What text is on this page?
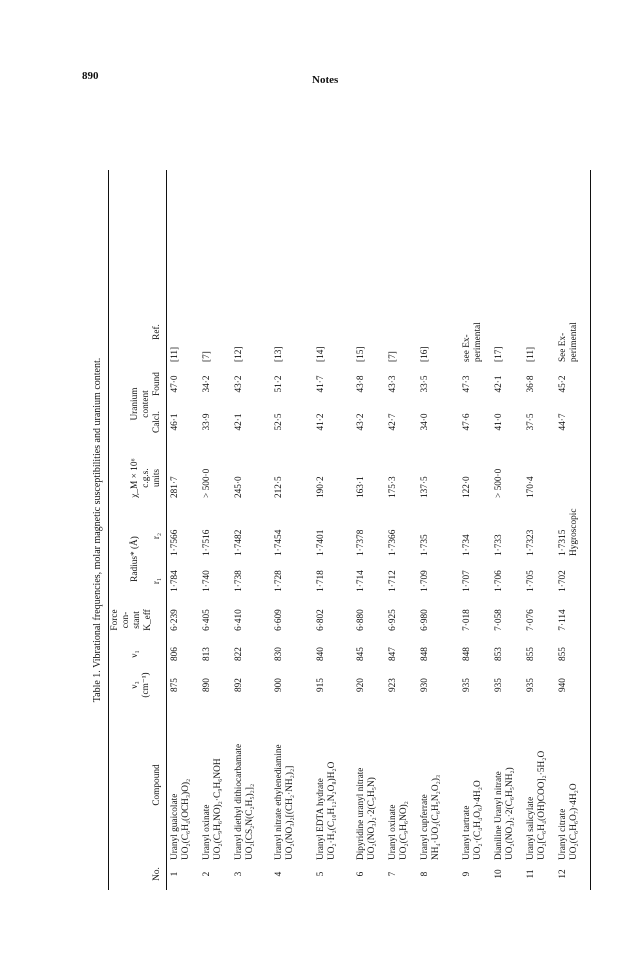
890	Notes
Table 1. Vibrational frequencies, molar magnetic susceptibilities and uranium content.
No.
Compound
ν₃ (cm⁻¹)
ν₁
Force con- stant K_eff
Radius* (Å) r₁
r₂
χ_M × 10⁶ c.g.s. units
Uranium content
Calcl.
Found
Ref.
1
875
806
6·239
1·784
1·7566
281·7
46·1
47·0
[11]
Uranyl guaicolate UO₂(C₆H₄(OCH₃)O)₂
2
890
813
6·405
1·740
1·7516
> 500·0
33·9
34·2
[7]
Uranyl oxinate UO₂(C₉H₆NO)₂·C₉H₆NOH
3
892
822
6·410
1·738
1·7482
245·0
42·1
43·2
[12]
Uranyl diethyl dithiocarbamate UO₂[CS₂N(C₂H₅)₂]₂
4
900
830
6·609
1·728
1·7454
212·5
52·5
51·2
[13]
Uranyl nitrate ethylenediamine UO₂(NO₃)₂[(CH₂·NH₂)₂]
5
915
840
6·802
1·718
1·7401
190·2
41·2
41·7
[14]
Uranyl EDTA hydrate UO₂·H₂(C₁₀H₁₂N₂O₈)H₂O
6
920
845
6·880
1·714
1·7378
163·1
43·2
43·8
[15]
Dipyridine uranyl nitrate UO₂(NO₃)₂·2(C₅H₅N)
7
923
847
6·925
1·712
1·7366
175·3
42·7
43·3
[7]
Uranyl oxinate UO₂(C₉H₆NO)₂
8
930
848
6·980
1·709
1·735
137·5
34·0
33·5
[16]
Uranyl cupferrate NH₄·UO₂(C₆H₅N₂O₂)₃
9
935
848
7·018
1·707
1·734
122·0
47·6
47·3
see Ex- perimental
Uranyl tartrate UO₂·(C₄H₄O₆)·4H₂O
10
935
853
7·058
1·706
1·733
> 500·0
41·0
42·1
[17]
Dianiline Uranyl nitrate UO₂(NO₃)₂·2(C₆H₅NH₂)
11
935
855
7·076
1·705
1·7323
170·4
37·5
36·8
[11]
Uranyl salicylate UO₂[C₆H₄(OH)COO]₂·5H₂O
12
940
855
7·114
1·702
1·7315 Hygroscopic
44·7
45·2
See Ex- perimental
Uranyl citrate UO₂(C₆H₆O₇)·4H₂O
